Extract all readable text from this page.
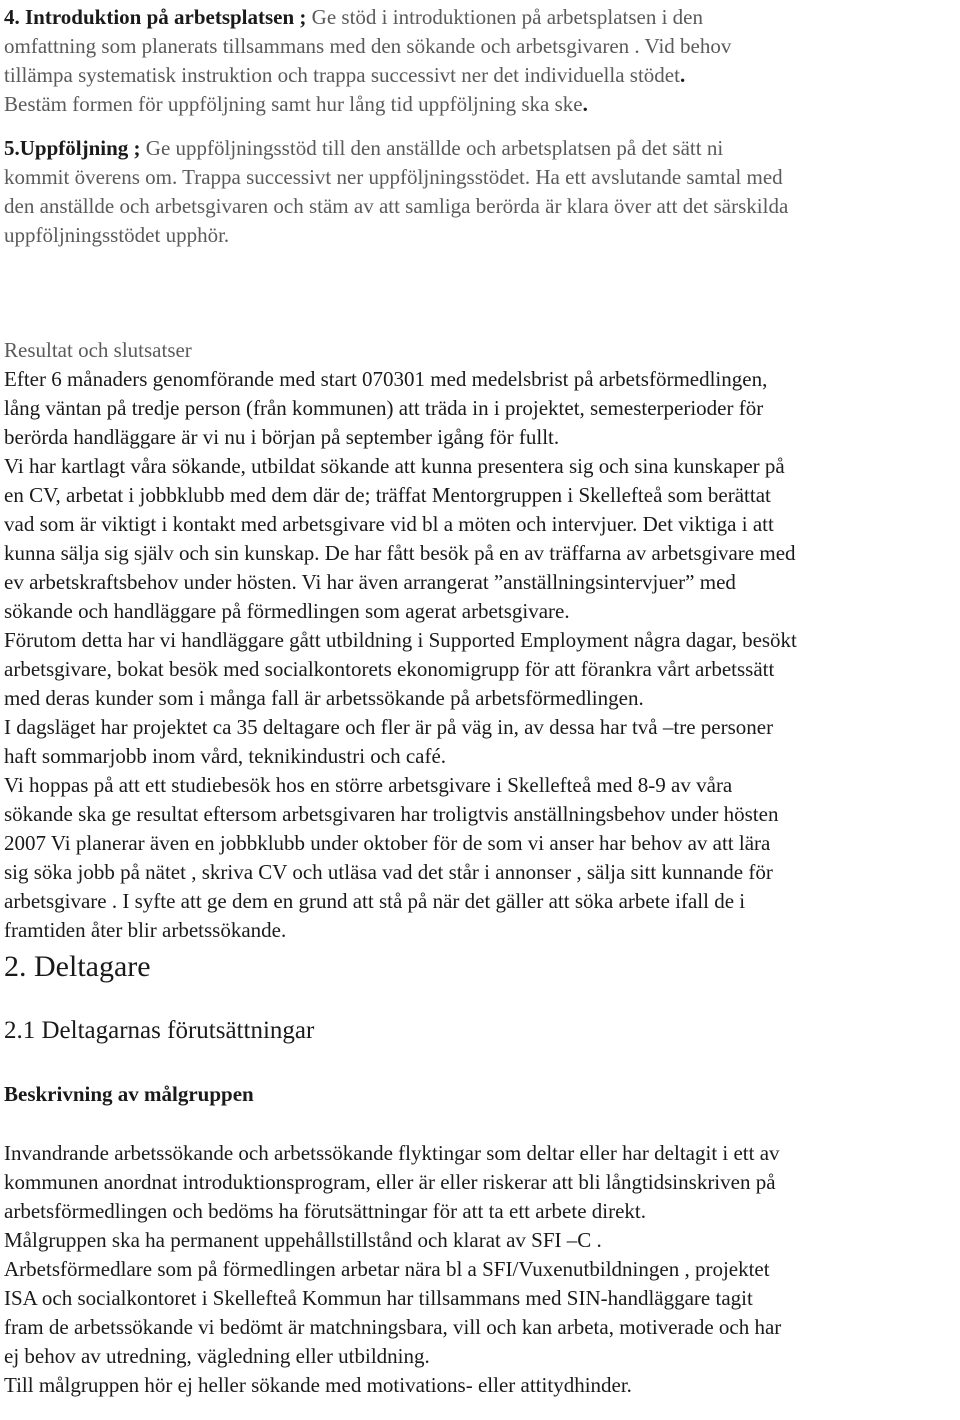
4. Introduktion på arbetsplatsen ; Ge stöd i introduktionen på arbetsplatsen i den
omfattning som planerats tillsammans med den sökande och arbetsgivaren . Vid behov
tillämpa systematisk instruktion och trappa successivt ner det individuella stödet.
Bestäm formen för uppföljning samt hur lång tid uppföljning ska ske.
5.Uppföljning ; Ge uppföljningsstöd till den anställde och arbetsplatsen på det sätt ni
kommit överens om. Trappa successivt ner uppföljningsstödet. Ha ett avslutande samtal med
den anställde och arbetsgivaren och stäm av att samliga berörda är klara över att det särskilda
uppföljningsstödet upphör.
Resultat och slutsatser
Efter 6 månaders genomförande med start 070301 med medelsbrist på arbetsförmedlingen,
lång väntan på tredje person (från kommunen) att träda in i projektet, semesterperioder för
berörda handläggare är vi nu i början på september igång för fullt.
Vi har kartlagt våra sökande, utbildat sökande att kunna presentera sig och sina kunskaper på
en CV, arbetat i jobbklubb med dem där de; träffat Mentorgruppen i Skellefteå som berättat
vad som är viktigt i kontakt med arbetsgivare vid bl a möten och intervjuer. Det viktiga i att
kunna sälja sig själv och sin kunskap. De har fått besök på en av träffarna av arbetsgivare med
ev arbetskraftsbehov under hösten. Vi har även arrangerat ”anställningsintervjuer” med
sökande och handläggare på förmedlingen som agerat arbetsgivare.
Förutom detta har vi handläggare gått utbildning i Supported Employment några dagar, besökt
arbetsgivare, bokat besök med socialkontorets ekonomigrupp för att förankra vårt arbetssätt
med deras kunder som i många fall är arbetssökande på arbetsförmedlingen.
I dagsläget har projektet ca 35 deltagare och fler är på väg in, av dessa har två –tre personer
haft sommarjobb inom vård, teknikindustri och café.
Vi hoppas på att ett studiebesök hos en större arbetsgivare i Skellefteå med 8-9 av våra
sökande ska ge resultat eftersom arbetsgivaren har troligtvis anställningsbehov under hösten
2007 Vi planerar även en jobbklubb under oktober för de som vi anser har behov av att lära
sig söka jobb på nätet , skriva CV och utläsa vad det står i annonser , sälja sitt kunnande för
arbetsgivare . I syfte att ge dem en grund att stå på när det gäller att söka arbete ifall de i
framtiden åter blir arbetssökande.
2. Deltagare
2.1 Deltagarnas förutsättningar
Beskrivning av målgruppen
Invandrande arbetssökande och arbetssökande flyktingar som deltar eller har deltagit i ett av
kommunen anordnat introduktionsprogram, eller är eller riskerar att bli långtidsinskriven på
arbetsförmedlingen och bedöms ha förutsättningar för att ta ett arbete direkt.
Målgruppen ska ha permanent uppehållstillstånd och klarat av SFI –C .
Arbetsförmedlare som på förmedlingen arbetar nära bl a SFI/Vuxenutbildningen , projektet
ISA och socialkontoret i Skellefteå Kommun har tillsammans med SIN-handläggare tagit
fram de arbetssökande vi bedömt är matchningsbara, vill och kan arbeta, motiverade och har
ej behov av utredning, vägledning eller utbildning.
Till målgruppen hör ej heller sökande med motivations- eller attitydhinder.
